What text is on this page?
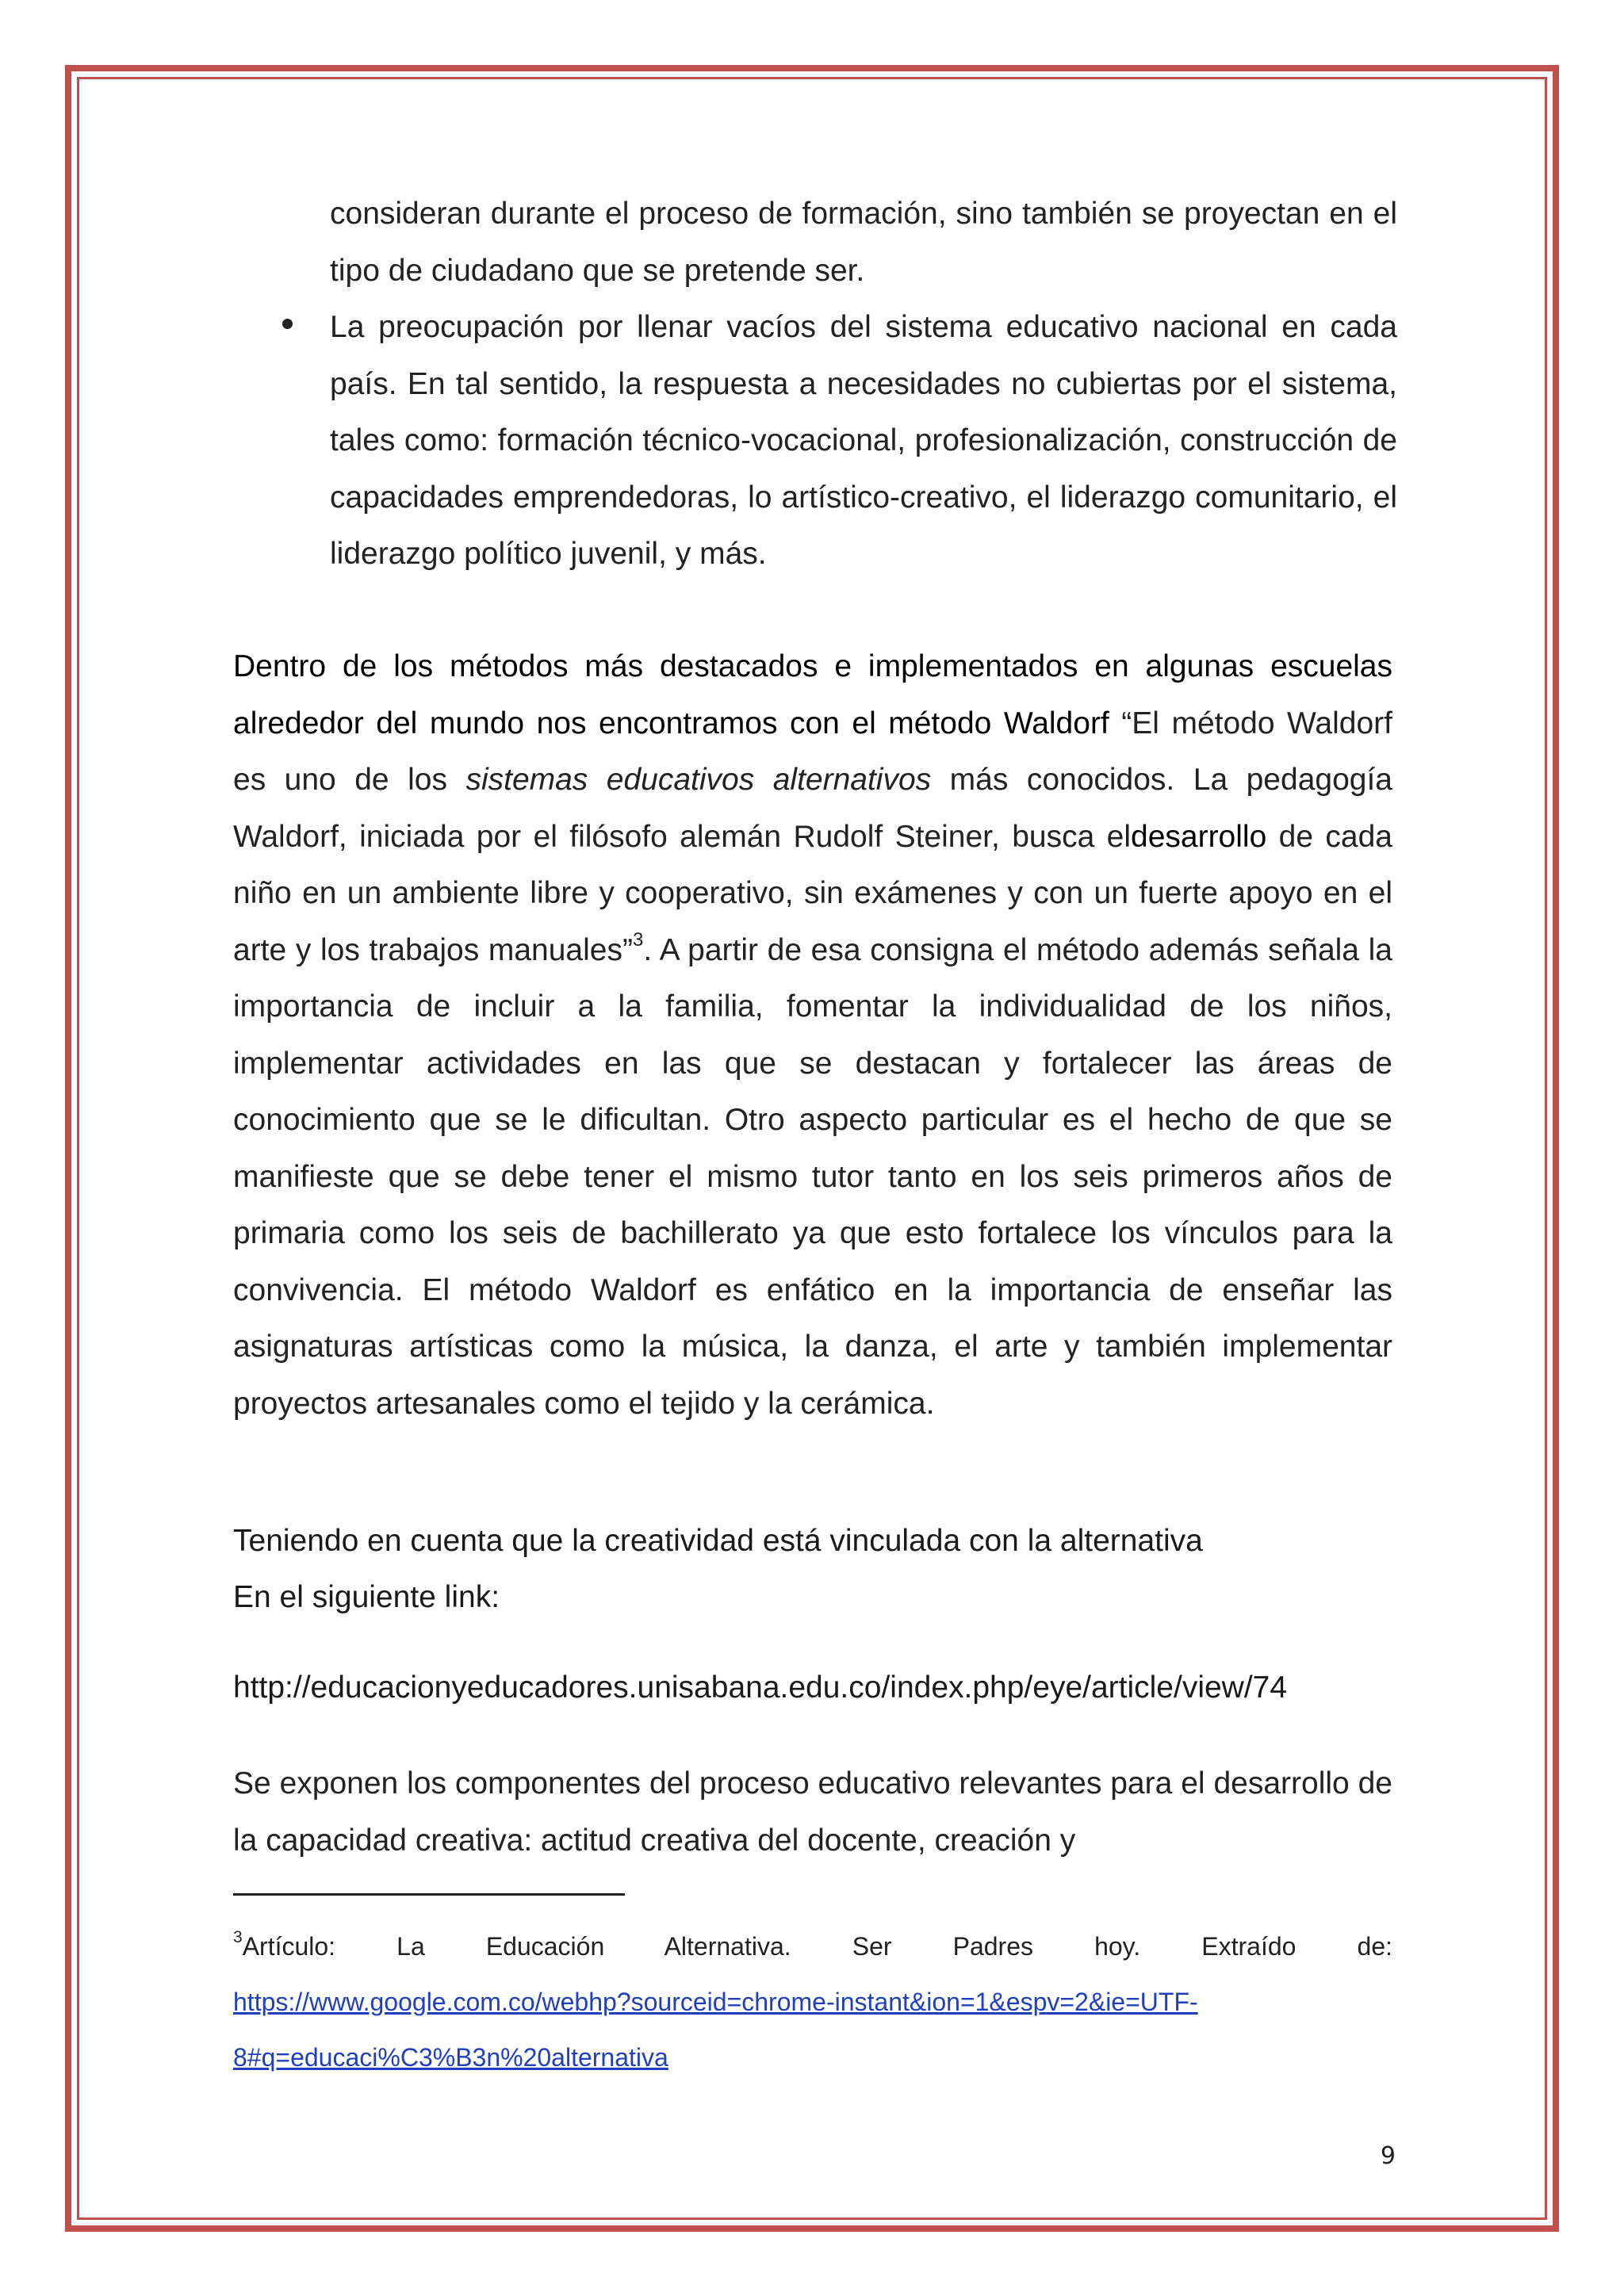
consideran durante el proceso de formación, sino también se proyectan en el tipo de ciudadano que se pretende ser.

La preocupación por llenar vacíos del sistema educativo nacional en cada país. En tal sentido, la respuesta a necesidades no cubiertas por el sistema, tales como: formación técnico-vocacional, profesionalización, construcción de capacidades emprendedoras, lo artístico-creativo, el liderazgo comunitario, el liderazgo político juvenil, y más.

Dentro de los métodos más destacados e implementados en algunas escuelas alrededor del mundo nos encontramos con el método Waldorf “El método Waldorf es uno de los sistemas educativos alternativos más conocidos. La pedagogía Waldorf, iniciada por el filósofo alemán Rudolf Steiner, busca eldesarrollo de cada niño en un ambiente libre y cooperativo, sin exámenes y con un fuerte apoyo en el arte y los trabajos manuales”$^3$. A partir de esa consigna el método además señala la importancia de incluir a la familia, fomentar la individualidad de los niños, implementar actividades en las que se destacan y fortalecer las áreas de conocimiento que se le dificultan. Otro aspecto particular es el hecho de que se manifieste que se debe tener el mismo tutor tanto en los seis primeros años de primaria como los seis de bachillerato ya que esto fortalece los vínculos para la convivencia. El método Waldorf es enfático en la importancia de enseñar las asignaturas artísticas como la música, la danza, el arte y también implementar proyectos artesanales como el tejido y la cerámica.

Teniendo en cuenta que la creatividad está vinculada con la alternativa

En el siguiente link:

http://educacionyeducadores.unisabana.edu.co/index.php/eye/article/view/74

Se exponen los componentes del proceso educativo relevantes para el desarrollo de la capacidad creativa: actitud creativa del docente, creación y

$^3$Artículo: La Educación Alternativa. Ser Padres hoy. Extraído de:
https://www.google.com.co/webhp?sourceid=chrome-instant&ion=1&espv=2&ie=UTF-
8#q=educaci%C3%B3n%20alternativa

9
